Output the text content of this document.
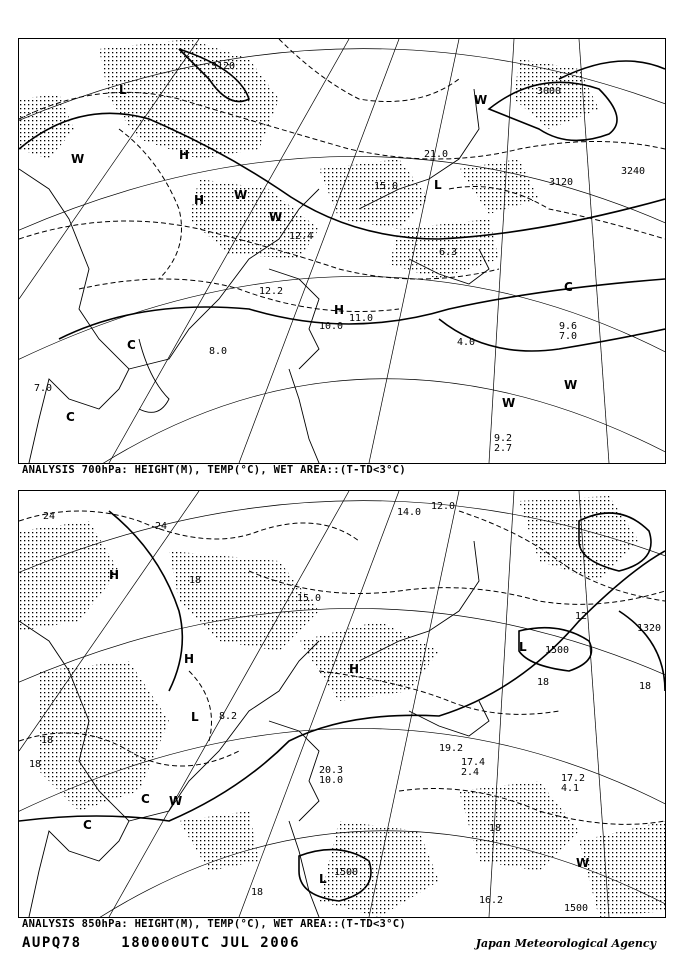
3120
3000
3240
3120
L
L
H
H
H
C
C
C
W
W
W
W
W
W
2.7
21.0
11.0
12.2
15.0
7.0
9.2
4.0
9.6
7.0
12.4
8.0
10.0
6.3
ANALYSIS 700hPa: HEIGHT(M), TEMP(°C), WET AREA::(T-TD<3°C)
24
24
18
18
1500
1500
1500
1320
12
18	18
18
18
18
L
L
L
H
H
H
C
C
W
W
14.0
12.0
17.4
2.4
17.2
4.1
19.2
16.2
10.0
20.3
15.0
8.2
ANALYSIS 850hPa: HEIGHT(M), TEMP(°C), WET AREA::(T-TD<3°C)
AUPQ78	180000UTC JUL 2006	Japan Meteorological Agency
